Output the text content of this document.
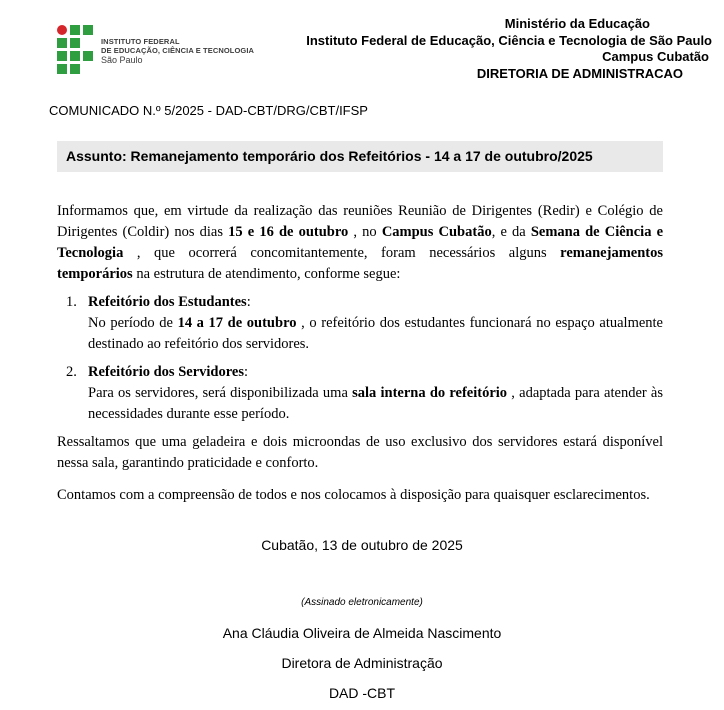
INSTITUTO FEDERAL
DE EDUCAÇÃO, CIÊNCIA E TECNOLOGIA
São Paulo
Ministério da Educação
Instituto Federal de Educação, Ciência e Tecnologia de São Paulo
Campus Cubatão
DIRETORIA DE ADMINISTRACAO
COMUNICADO N.º 5/2025 - DAD-CBT/DRG/CBT/IFSP
Assunto: Remanejamento temporário dos Refeitórios - 14 a 17 de outubro/2025
Informamos que, em virtude da realização das reuniões Reunião de Dirigentes (Redir) e Colégio de Dirigentes (Coldir) nos dias 15 e 16 de outubro , no Campus Cubatão, e da Semana de Ciência e Tecnologia , que ocorrerá concomitantemente, foram necessários alguns remanejamentos temporários na estrutura de atendimento, conforme segue:
1. Refeitório dos Estudantes:
No período de 14 a 17 de outubro , o refeitório dos estudantes funcionará no espaço atualmente destinado ao refeitório dos servidores.
2. Refeitório dos Servidores:
Para os servidores, será disponibilizada uma sala interna do refeitório , adaptada para atender às necessidades durante esse período.
Ressaltamos que uma geladeira e dois microondas de uso exclusivo dos servidores estará disponível nessa sala, garantindo praticidade e conforto.
Contamos com a compreensão de todos e nos colocamos à disposição para quaisquer esclarecimentos.
Cubatão, 13 de outubro de 2025
(Assinado eletronicamente)
Ana Cláudia Oliveira de Almeida Nascimento
Diretora de Administração
DAD -CBT
